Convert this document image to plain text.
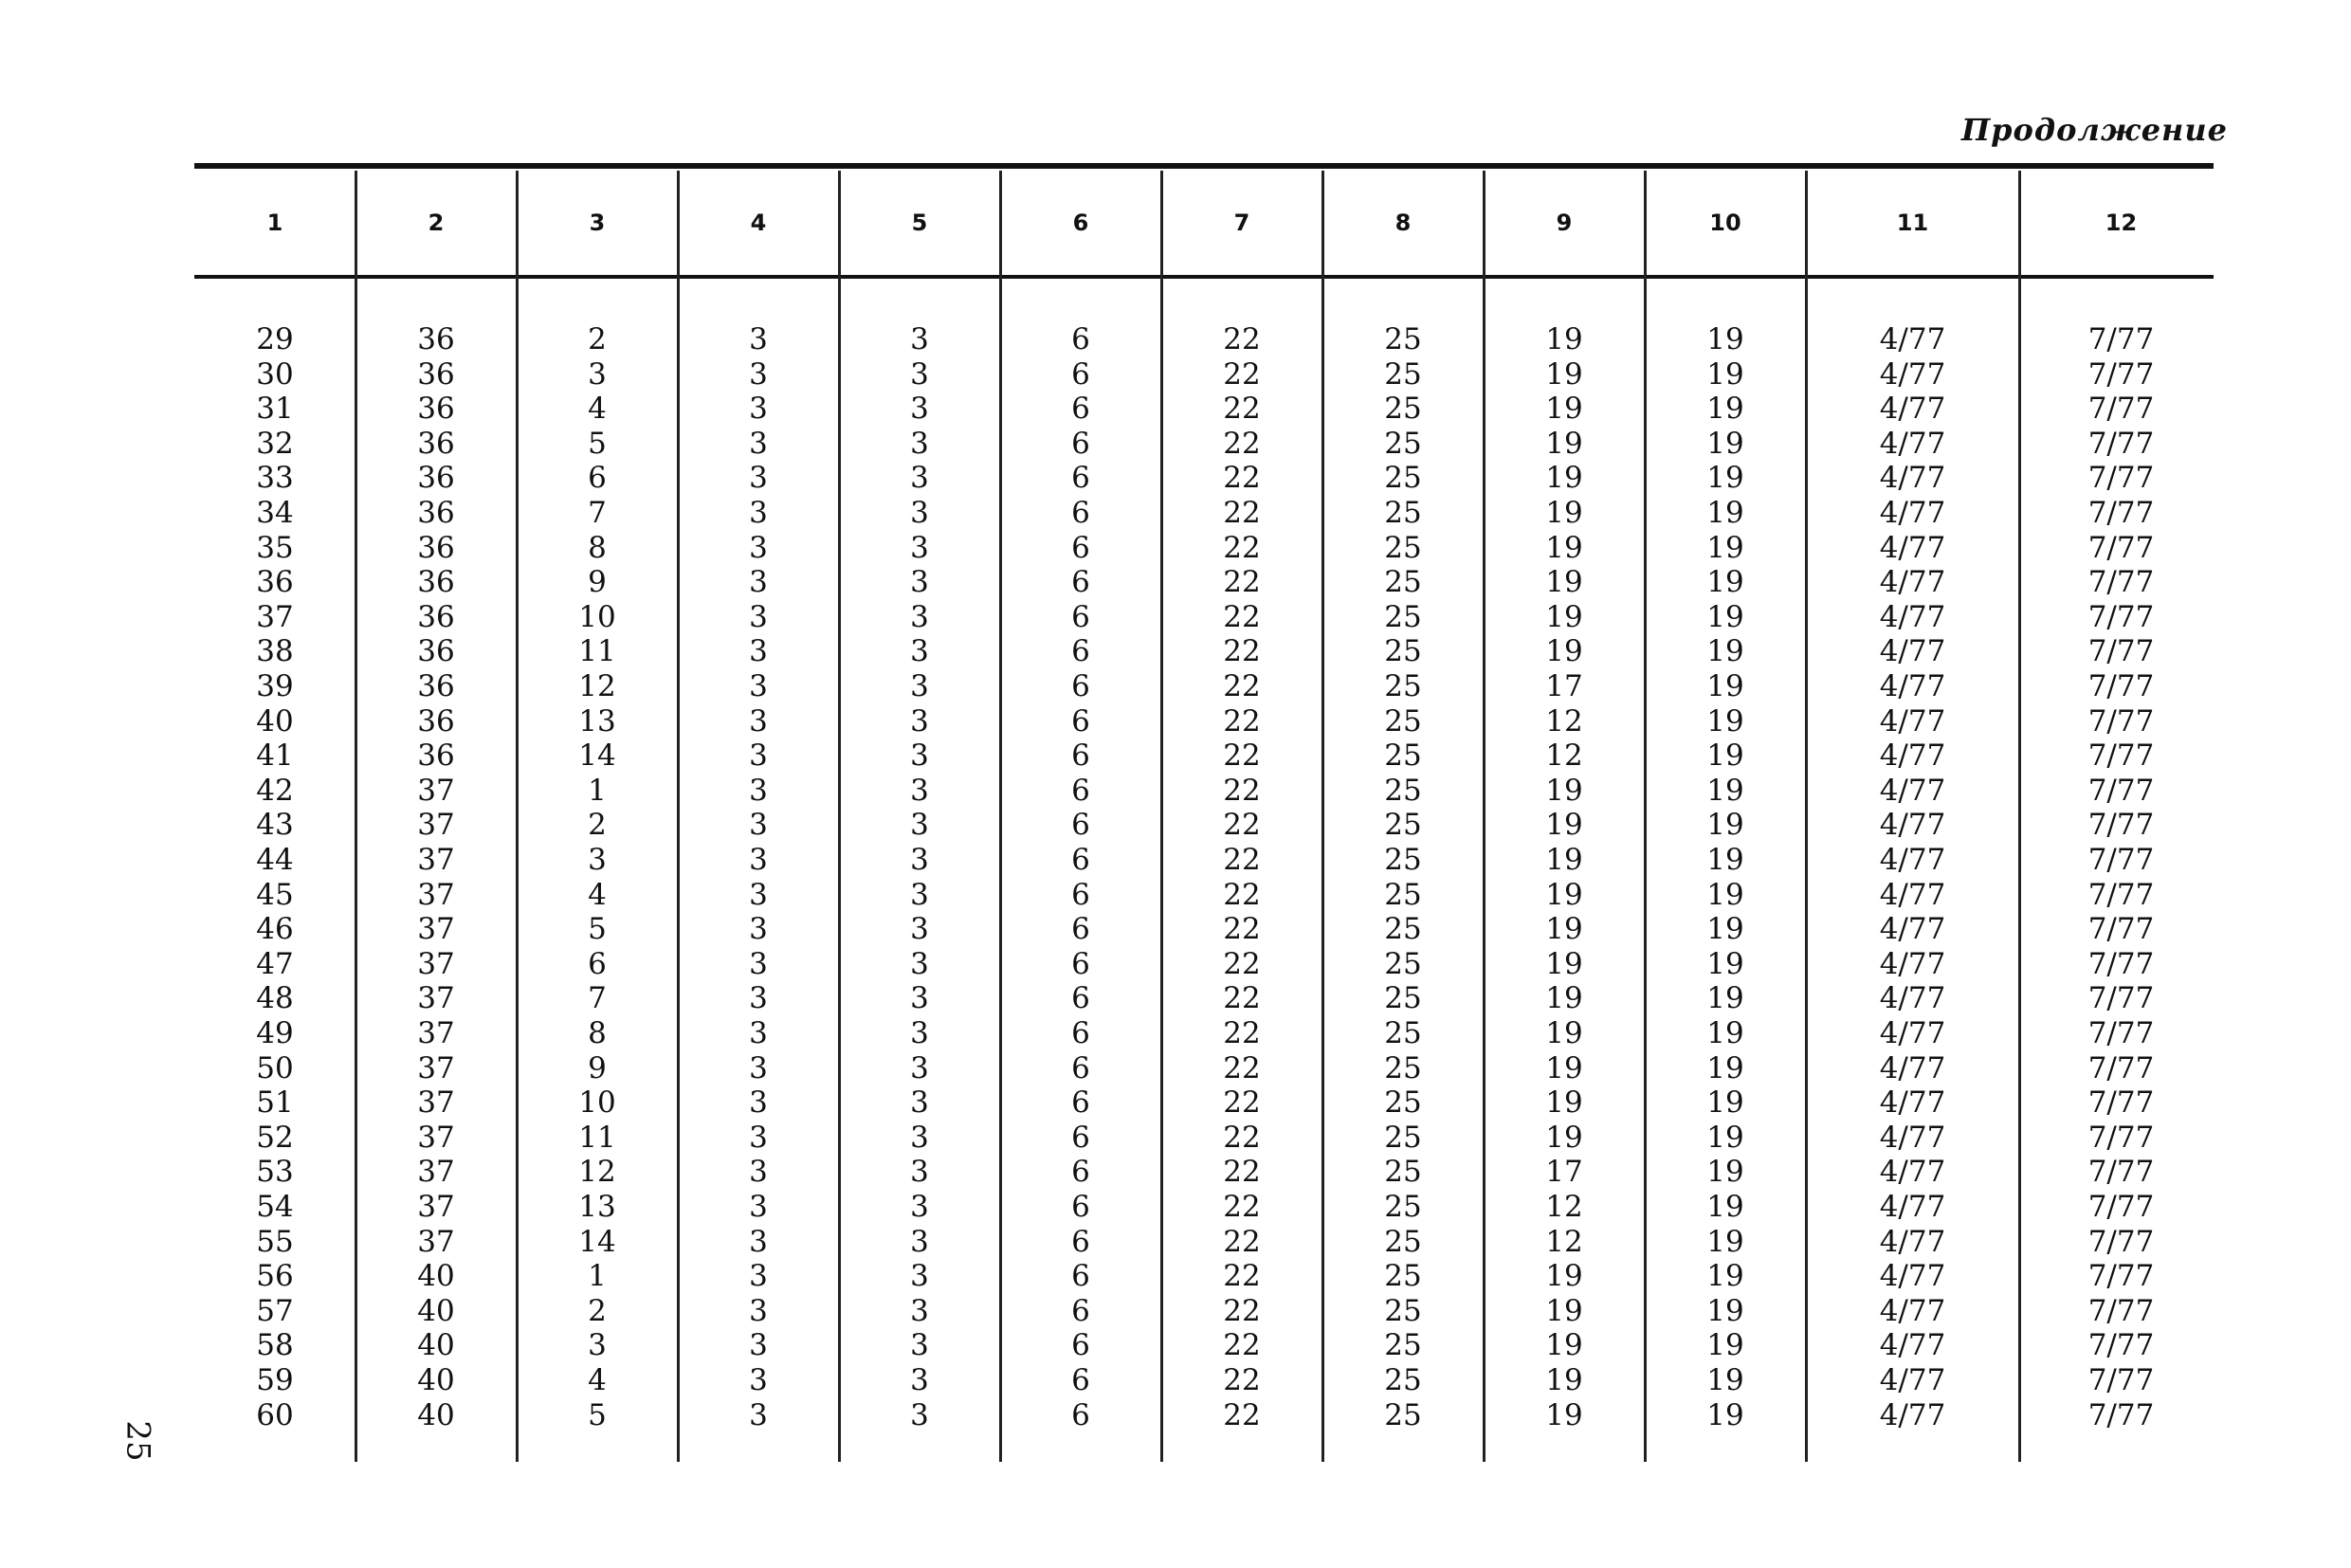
Продолжение
25
1	2	3	4	5	6	7	8	9	10	11	12
29	36	2	3	3	6	22	25	19	19	4/77	7/77
30	36	3	3	3	6	22	25	19	19	4/77	7/77
31	36	4	3	3	6	22	25	19	19	4/77	7/77
32	36	5	3	3	6	22	25	19	19	4/77	7/77
33	36	6	3	3	6	22	25	19	19	4/77	7/77
34	36	7	3	3	6	22	25	19	19	4/77	7/77
35	36	8	3	3	6	22	25	19	19	4/77	7/77
36	36	9	3	3	6	22	25	19	19	4/77	7/77
37	36	10	3	3	6	22	25	19	19	4/77	7/77
38	36	11	3	3	6	22	25	19	19	4/77	7/77
39	36	12	3	3	6	22	25	17	19	4/77	7/77
40	36	13	3	3	6	22	25	12	19	4/77	7/77
41	36	14	3	3	6	22	25	12	19	4/77	7/77
42	37	1	3	3	6	22	25	19	19	4/77	7/77
43	37	2	3	3	6	22	25	19	19	4/77	7/77
44	37	3	3	3	6	22	25	19	19	4/77	7/77
45	37	4	3	3	6	22	25	19	19	4/77	7/77
46	37	5	3	3	6	22	25	19	19	4/77	7/77
47	37	6	3	3	6	22	25	19	19	4/77	7/77
48	37	7	3	3	6	22	25	19	19	4/77	7/77
49	37	8	3	3	6	22	25	19	19	4/77	7/77
50	37	9	3	3	6	22	25	19	19	4/77	7/77
51	37	10	3	3	6	22	25	19	19	4/77	7/77
52	37	11	3	3	6	22	25	19	19	4/77	7/77
53	37	12	3	3	6	22	25	17	19	4/77	7/77
54	37	13	3	3	6	22	25	12	19	4/77	7/77
55	37	14	3	3	6	22	25	12	19	4/77	7/77
56	40	1	3	3	6	22	25	19	19	4/77	7/77
57	40	2	3	3	6	22	25	19	19	4/77	7/77
58	40	3	3	3	6	22	25	19	19	4/77	7/77
59	40	4	3	3	6	22	25	19	19	4/77	7/77
60	40	5	3	3	6	22	25	19	19	4/77	7/77
